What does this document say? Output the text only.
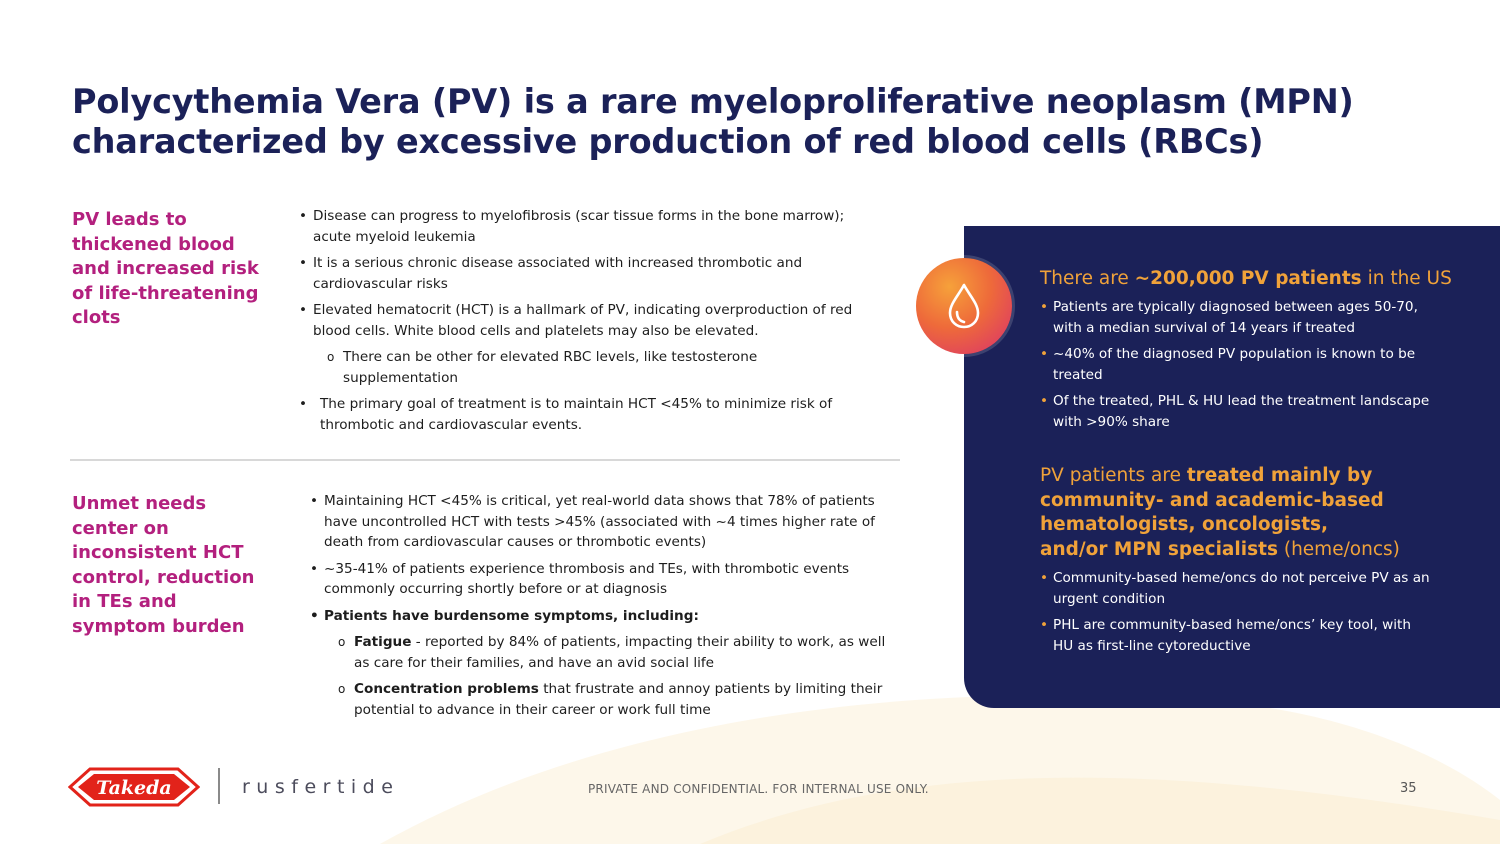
Polycythemia Vera (PV) is a rare myeloproliferative neoplasm (MPN)
characterized by excessive production of red blood cells (RBCs)
PV leads to
thickened blood
and increased risk
of life-threatening
clots
• Disease can progress to myelofibrosis (scar tissue forms in the bone marrow); acute myeloid leukemia
• It is a serious chronic disease associated with increased thrombotic and cardiovascular risks
• Elevated hematocrit (HCT) is a hallmark of PV, indicating overproduction of red blood cells. White blood cells and platelets may also be elevated.
o There can be other for elevated RBC levels, like testosterone supplementation
• The primary goal of treatment is to maintain HCT <45% to minimize risk of thrombotic and cardiovascular events.
Unmet needs
center on
inconsistent HCT
control, reduction
in TEs and
symptom burden
• Maintaining HCT <45% is critical, yet real-world data shows that 78% of patients have uncontrolled HCT with tests >45% (associated with ~4 times higher rate of death from cardiovascular causes or thrombotic events)
• ~35-41% of patients experience thrombosis and TEs, with thrombotic events commonly occurring shortly before or at diagnosis
• Patients have burdensome symptoms, including:
o Fatigue - reported by 84% of patients, impacting their ability to work, as well as care for their families, and have an avid social life
o Concentration problems that frustrate and annoy patients by limiting their potential to advance in their career or work full time
There are ~200,000 PV patients in the US
• Patients are typically diagnosed between ages 50-70, with a median survival of 14 years if treated
• ~40% of the diagnosed PV population is known to be treated
• Of the treated, PHL & HU lead the treatment landscape with >90% share
PV patients are treated mainly by community- and academic-based hematologists, oncologists, and/or MPN specialists (heme/oncs)
• Community-based heme/oncs do not perceive PV as an urgent condition
• PHL are community-based heme/oncs’ key tool, with HU as first-line cytoreductive
Takeda	rusfertide	PRIVATE AND CONFIDENTIAL. FOR INTERNAL USE ONLY.	35
